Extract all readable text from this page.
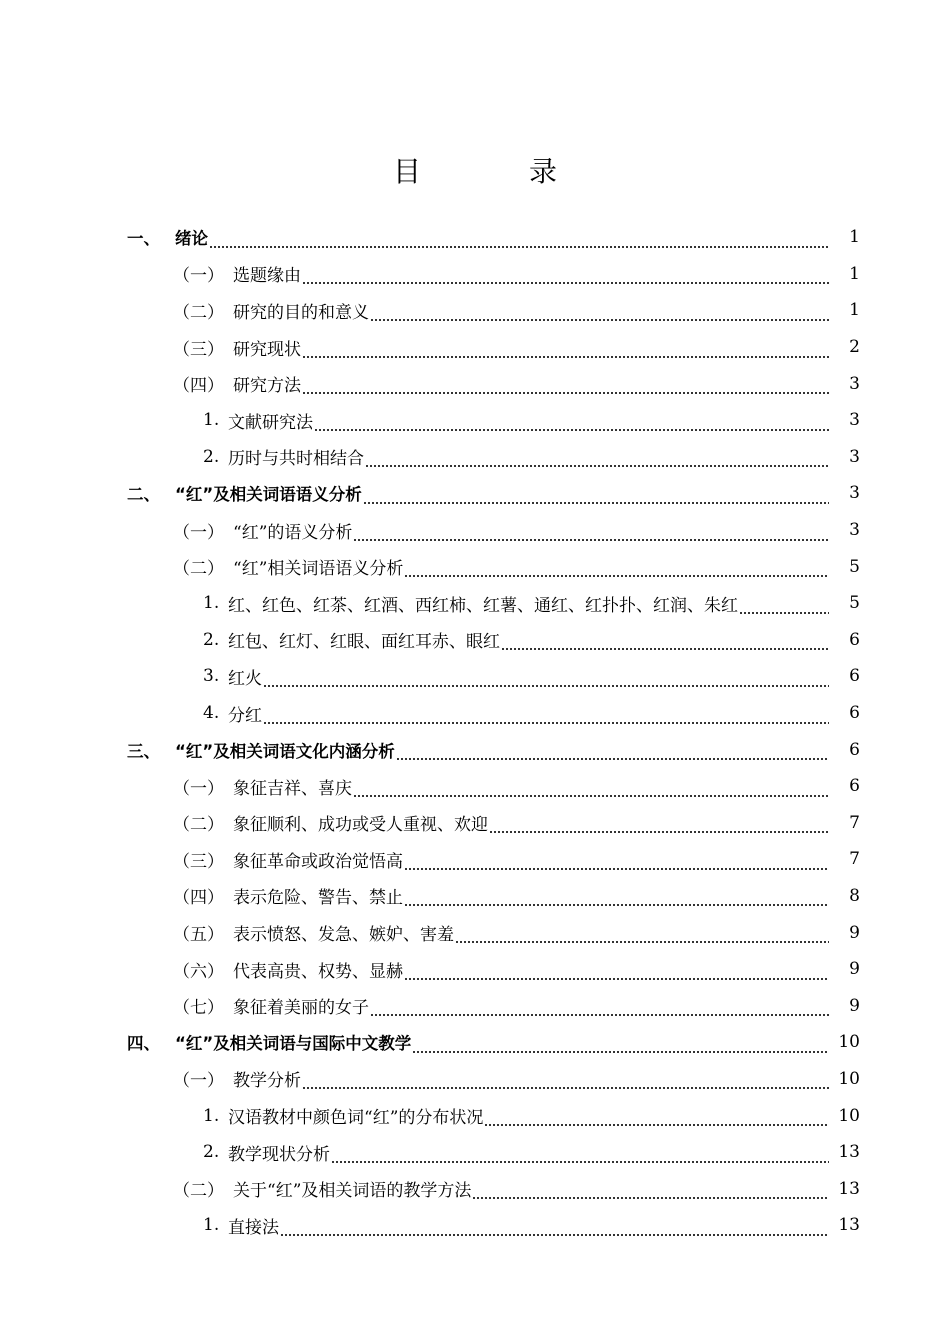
目　录
一、 绪论	1
（一） 选题缘由	1
（二） 研究的目的和意义	1
（三） 研究现状	2
（四） 研究方法	3
1. 文献研究法	3
2. 历时与共时相结合	3
二、 “红”及相关词语语义分析	3
（一） “红”的语义分析	3
（二） “红”相关词语语义分析	5
1. 红、红色、红茶、红酒、西红柿、红薯、通红、红扑扑、红润、朱红	5
2. 红包、红灯、红眼、面红耳赤、眼红	6
3. 红火	6
4. 分红	6
三、 “红”及相关词语文化内涵分析	6
（一） 象征吉祥、喜庆	6
（二） 象征顺利、成功或受人重视、欢迎	7
（三） 象征革命或政治觉悟高	7
（四） 表示危险、警告、禁止	8
（五） 表示愤怒、发急、嫉妒、害羞	9
（六） 代表高贵、权势、显赫	9
（七） 象征着美丽的女子	9
四、 “红”及相关词语与国际中文教学	10
（一） 教学分析	10
1. 汉语教材中颜色词“红”的分布状况	10
2. 教学现状分析	13
（二） 关于“红”及相关词语的教学方法	13
1. 直接法	13
